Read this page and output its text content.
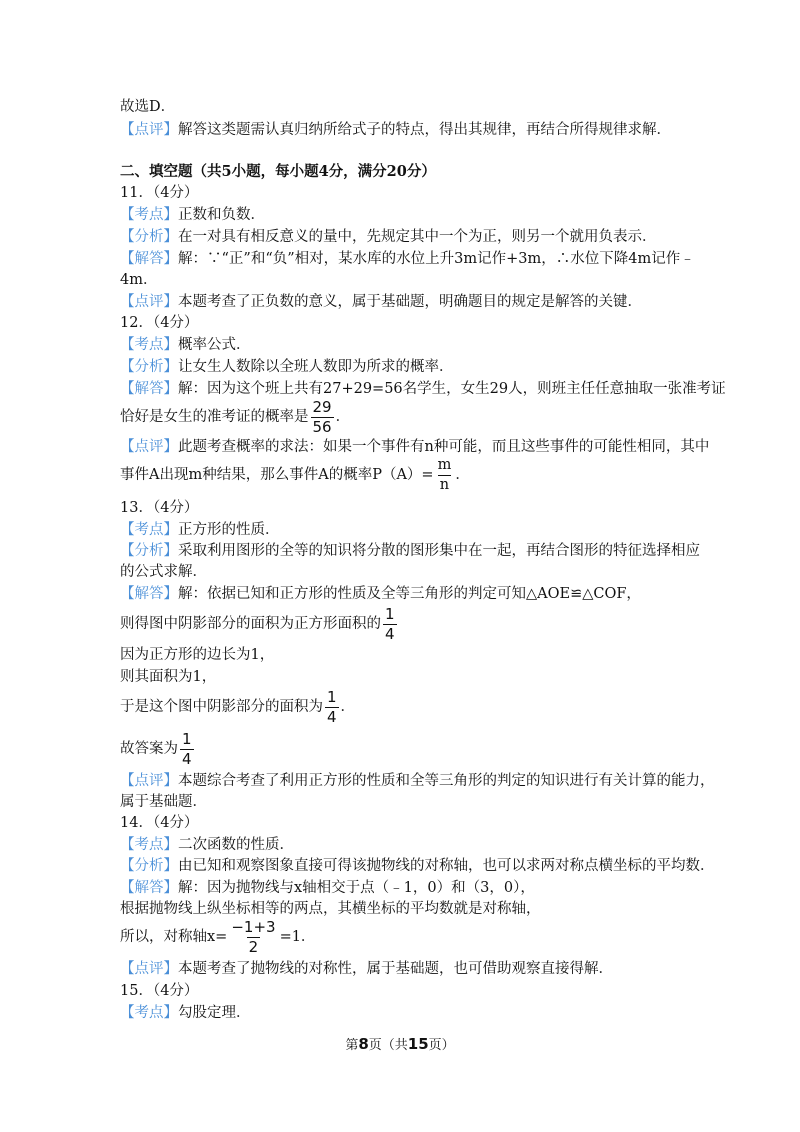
故选D．
【点评】解答这类题需认真归纳所给式子的特点，得出其规律，再结合所得规律求解．
二、填空题（共5小题，每小题4分，满分20分）
11．（4分）
【考点】正数和负数．
【分析】在一对具有相反意义的量中，先规定其中一个为正，则另一个就用负表示．
【解答】解：∵“正”和“负”相对，某水库的水位上升3m记作+3m，∴水位下降4m记作﹣
4m．
【点评】本题考查了正负数的意义，属于基础题，明确题目的规定是解答的关键．
12．（4分）
【考点】概率公式．
【分析】让女生人数除以全班人数即为所求的概率．
【解答】解：因为这个班上共有27+29=56名学生，女生29人，则班主任任意抽取一张准考证
恰好是女生的准考证的概率是 $\frac{29}{56}$ ．
【点评】此题考查概率的求法：如果一个事件有n种可能，而且这些事件的可能性相同，其中
事件A出现m种结果，那么事件A的概率$P(A)= \frac{m}{n}$ ．
13．（4分）
【考点】正方形的性质．
【分析】采取利用图形的全等的知识将分散的图形集中在一起，再结合图形的特征选择相应
的公式求解．
【解答】解：依据已知和正方形的性质及全等三角形的判定可知△AOE≌△COF，
则得图中阴影部分的面积为正方形面积的 $\frac{1}{4}$
因为正方形的边长为1，
则其面积为1，
于是这个图中阴影部分的面积为 $\frac{1}{4}$ ．
故答案为 $\frac{1}{4}$
【点评】本题综合考查了利用正方形的性质和全等三角形的判定的知识进行有关计算的能力，
属于基础题．
14．（4分）
【考点】二次函数的性质．
【分析】由已知和观察图象直接可得该抛物线的对称轴，也可以求两对称点横坐标的平均数．
【解答】解：因为抛物线与x轴相交于点（﹣1，0）和（3，0），
根据抛物线上纵坐标相等的两点，其横坐标的平均数就是对称轴，
所以，对称轴$x= \frac{-1+3}{2} =1$．
【点评】本题考查了抛物线的对称性，属于基础题，也可借助观察直接得解．
15．（4分）
【考点】勾股定理．
第8页（共15页）
